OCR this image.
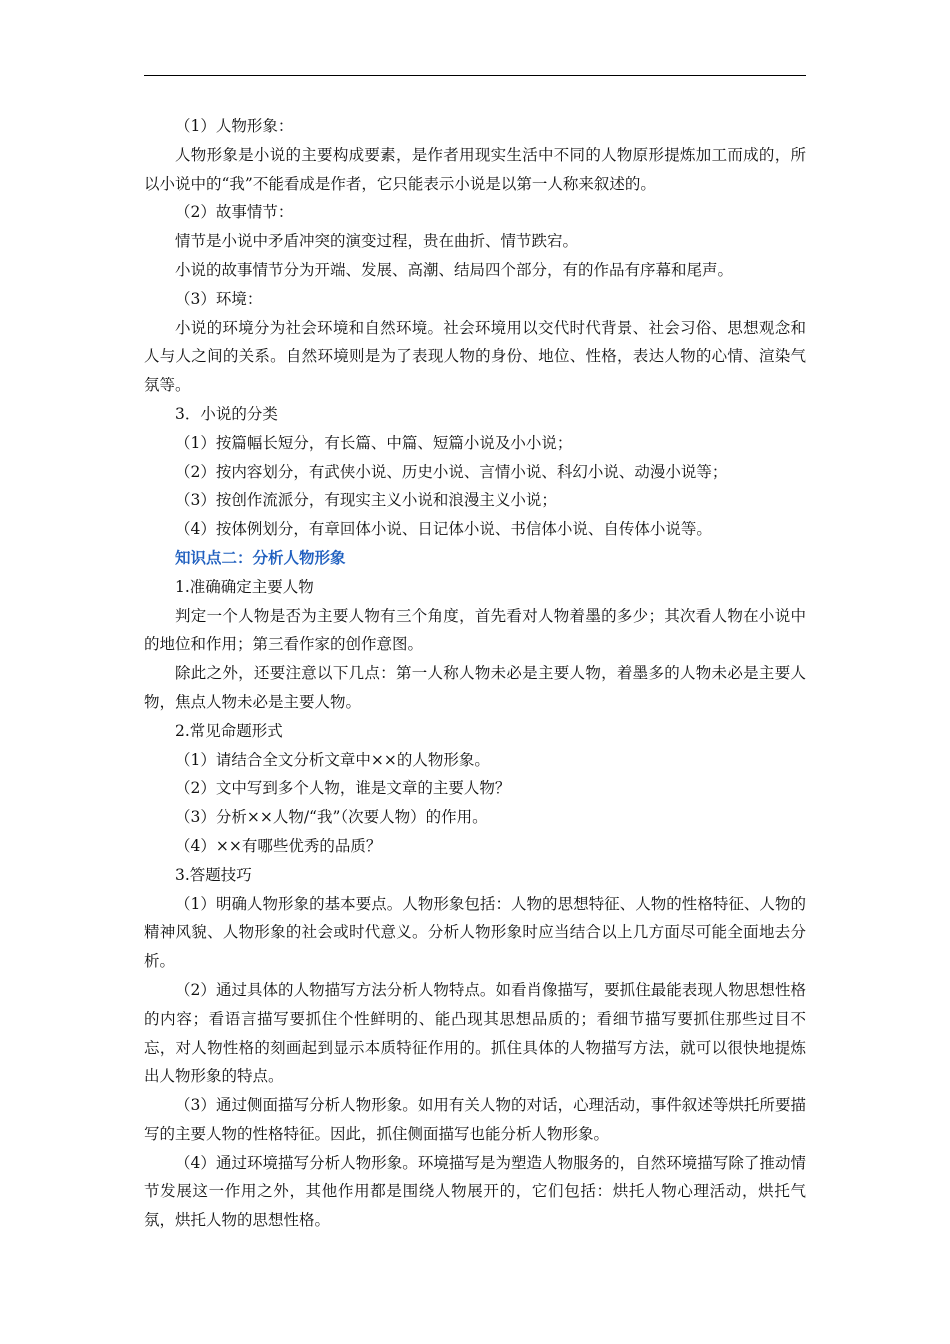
（1）人物形象：

人物形象是小说的主要构成要素，是作者用现实生活中不同的人物原形提炼加工而成的，所以小说中的“我”不能看成是作者，它只能表示小说是以第一人称来叙述的。

（2）故事情节：

情节是小说中矛盾冲突的演变过程，贵在曲折、情节跌宕。

小说的故事情节分为开端、发展、高潮、结局四个部分，有的作品有序幕和尾声。

（3）环境：

小说的环境分为社会环境和自然环境。社会环境用以交代时代背景、社会习俗、思想观念和人与人之间的关系。自然环境则是为了表现人物的身份、地位、性格，表达人物的心情、渲染气氛等。

3．小说的分类

（1）按篇幅长短分，有长篇、中篇、短篇小说及小小说；

（2）按内容划分，有武侠小说、历史小说、言情小说、科幻小说、动漫小说等；

（3）按创作流派分，有现实主义小说和浪漫主义小说；

（4）按体例划分，有章回体小说、日记体小说、书信体小说、自传体小说等。

知识点二：分析人物形象

1.准确确定主要人物

判定一个人物是否为主要人物有三个角度，首先看对人物着墨的多少；其次看人物在小说中的地位和作用；第三看作家的创作意图。

除此之外，还要注意以下几点：第一人称人物未必是主要人物，着墨多的人物未必是主要人物，焦点人物未必是主要人物。

2.常见命题形式

（1）请结合全文分析文章中××的人物形象。

（2）文中写到多个人物，谁是文章的主要人物？

（3）分析××人物/“我”（次要人物）的作用。

（4）××有哪些优秀的品质？

3.答题技巧

（1）明确人物形象的基本要点。人物形象包括：人物的思想特征、人物的性格特征、人物的精神风貌、人物形象的社会或时代意义。分析人物形象时应当结合以上几方面尽可能全面地去分析。

（2）通过具体的人物描写方法分析人物特点。如看肖像描写，要抓住最能表现人物思想性格的内容；看语言描写要抓住个性鲜明的、能凸现其思想品质的；看细节描写要抓住那些过目不忘，对人物性格的刻画起到显示本质特征作用的。抓住具体的人物描写方法，就可以很快地提炼出人物形象的特点。

（3）通过侧面描写分析人物形象。如用有关人物的对话，心理活动，事件叙述等烘托所要描写的主要人物的性格特征。因此，抓住侧面描写也能分析人物形象。

（4）通过环境描写分析人物形象。环境描写是为塑造人物服务的，自然环境描写除了推动情节发展这一作用之外，其他作用都是围绕人物展开的，它们包括：烘托人物心理活动，烘托气氛，烘托人物的思想性格。
